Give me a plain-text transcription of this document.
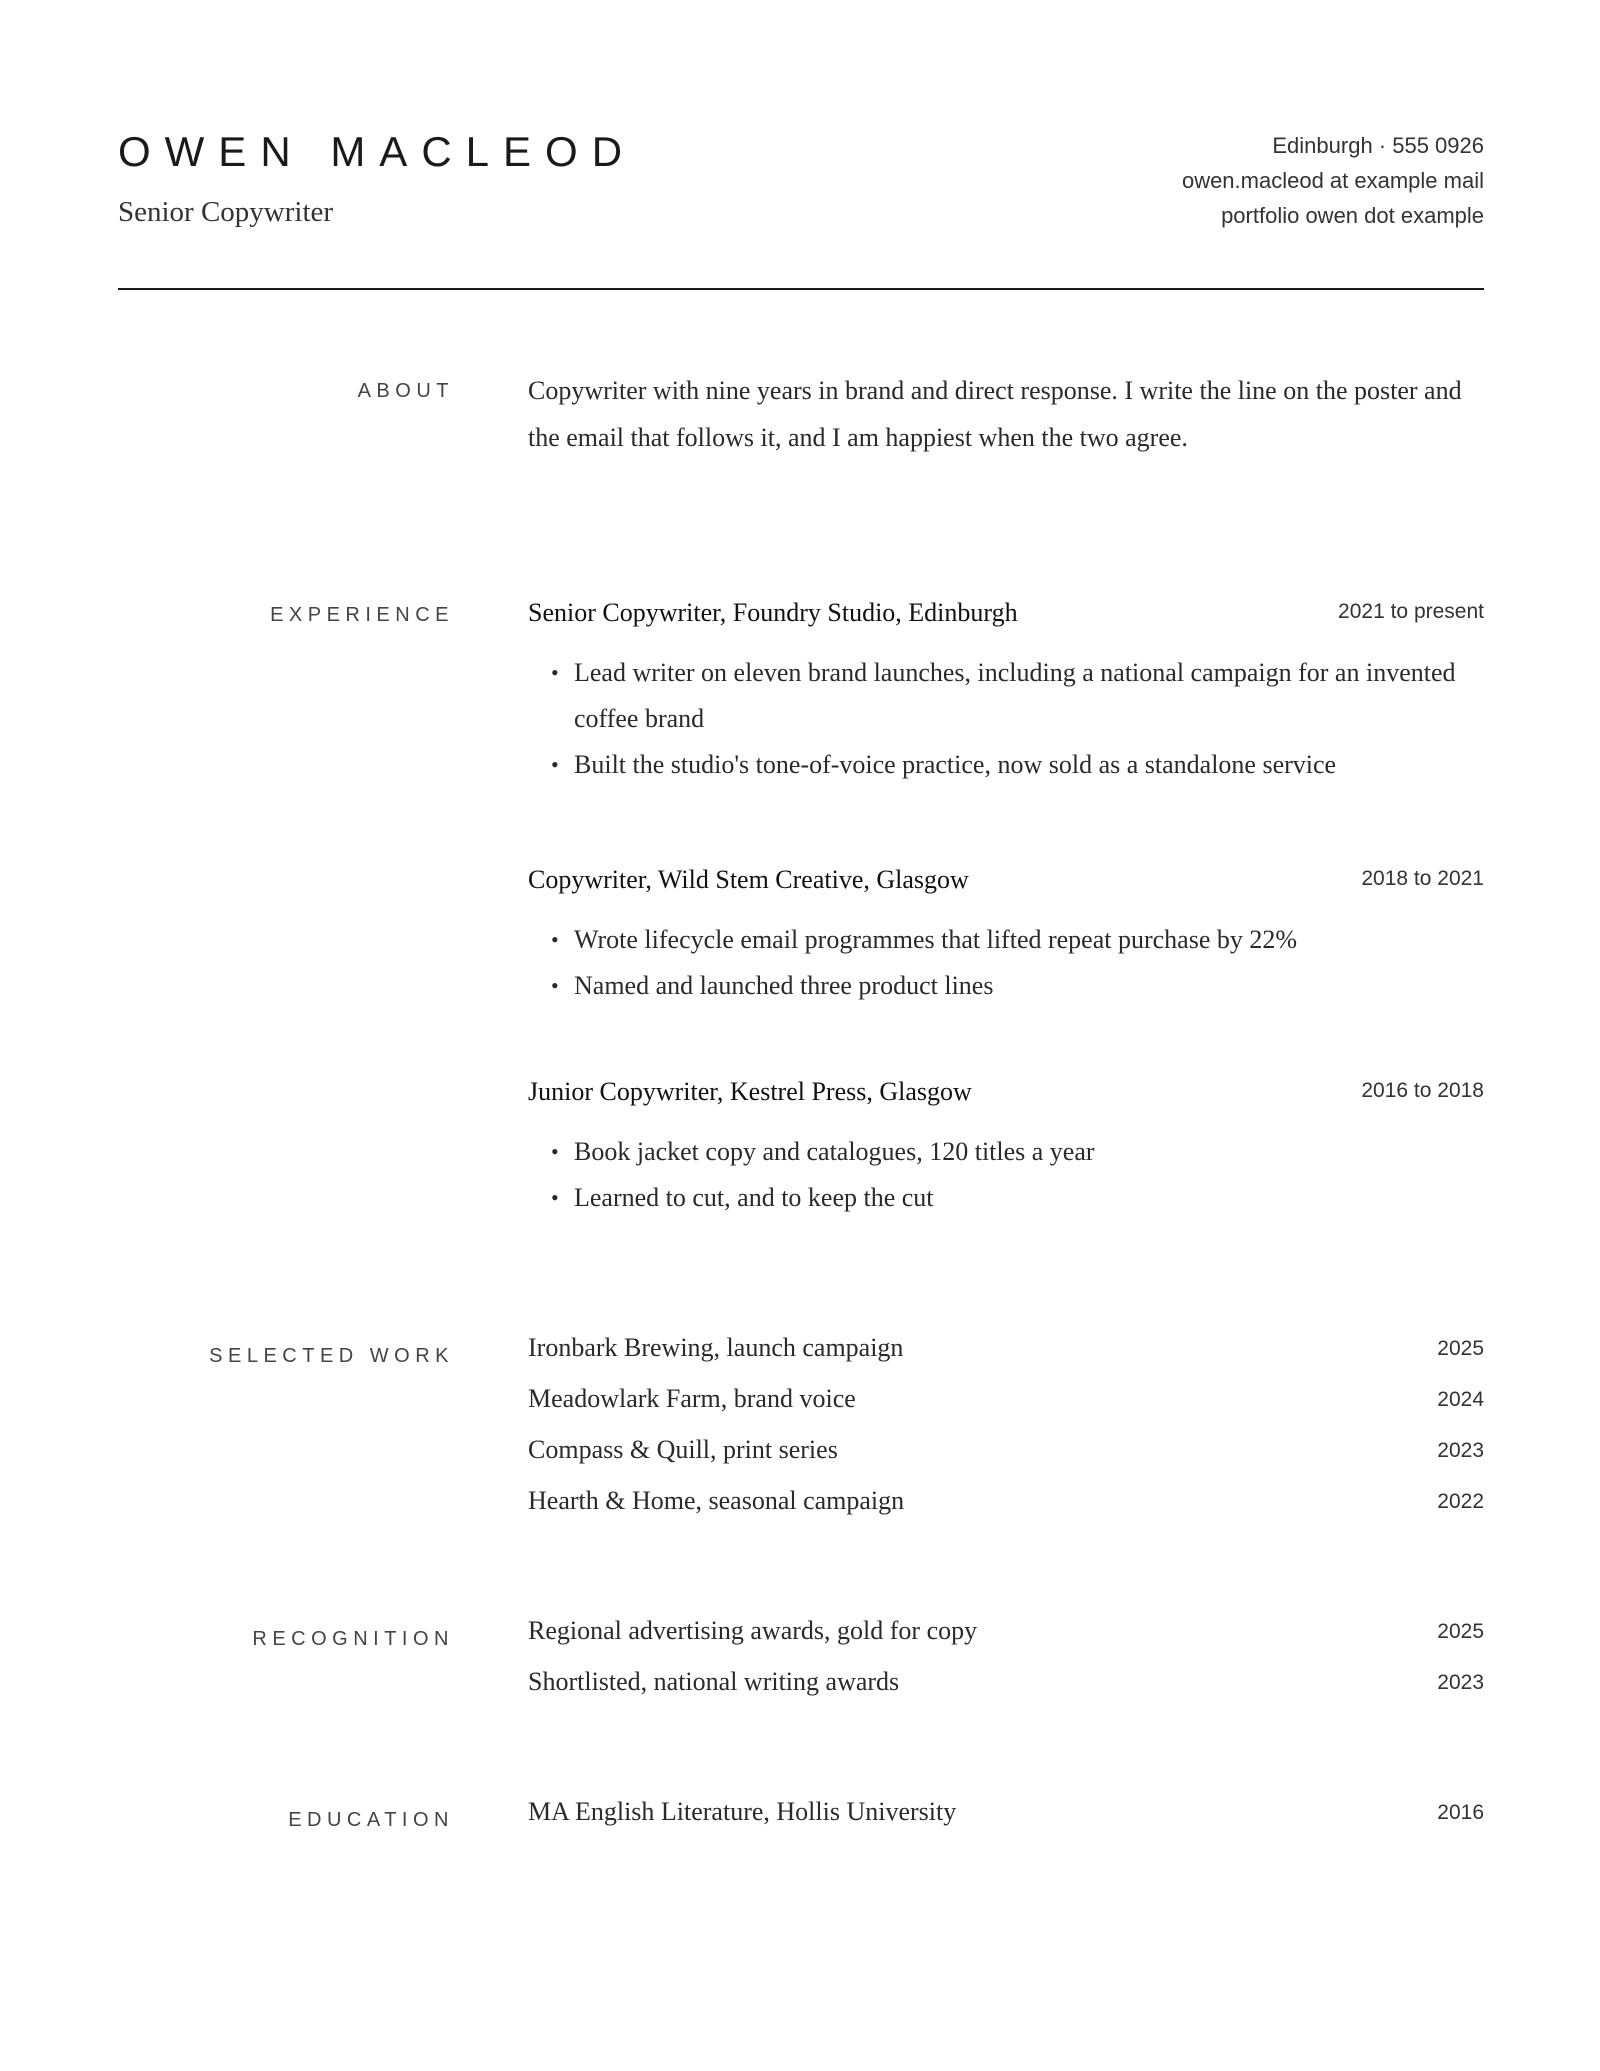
OWEN MACLEOD
Senior Copywriter
Edinburgh · 555 0926
owen.macleod at example mail
portfolio owen dot example
ABOUT	Copywriter with nine years in brand and direct response. I write the line on the poster and the email that follows it, and I am happiest when the two agree.

EXPERIENCE	Senior Copywriter, Foundry Studio, Edinburgh	2021 to present
• Lead writer on eleven brand launches, including a national campaign for an invented coffee brand
• Built the studio's tone-of-voice practice, now sold as a standalone service
Copywriter, Wild Stem Creative, Glasgow	2018 to 2021
• Wrote lifecycle email programmes that lifted repeat purchase by 22%
• Named and launched three product lines
Junior Copywriter, Kestrel Press, Glasgow	2016 to 2018
• Book jacket copy and catalogues, 120 titles a year
• Learned to cut, and to keep the cut
SELECTED WORK	Ironbark Brewing, launch campaign	2025
Meadowlark Farm, brand voice	2024
Compass & Quill, print series	2023
Hearth & Home, seasonal campaign	2022
RECOGNITION	Regional advertising awards, gold for copy	2025
Shortlisted, national writing awards	2023
EDUCATION	MA English Literature, Hollis University	2016
